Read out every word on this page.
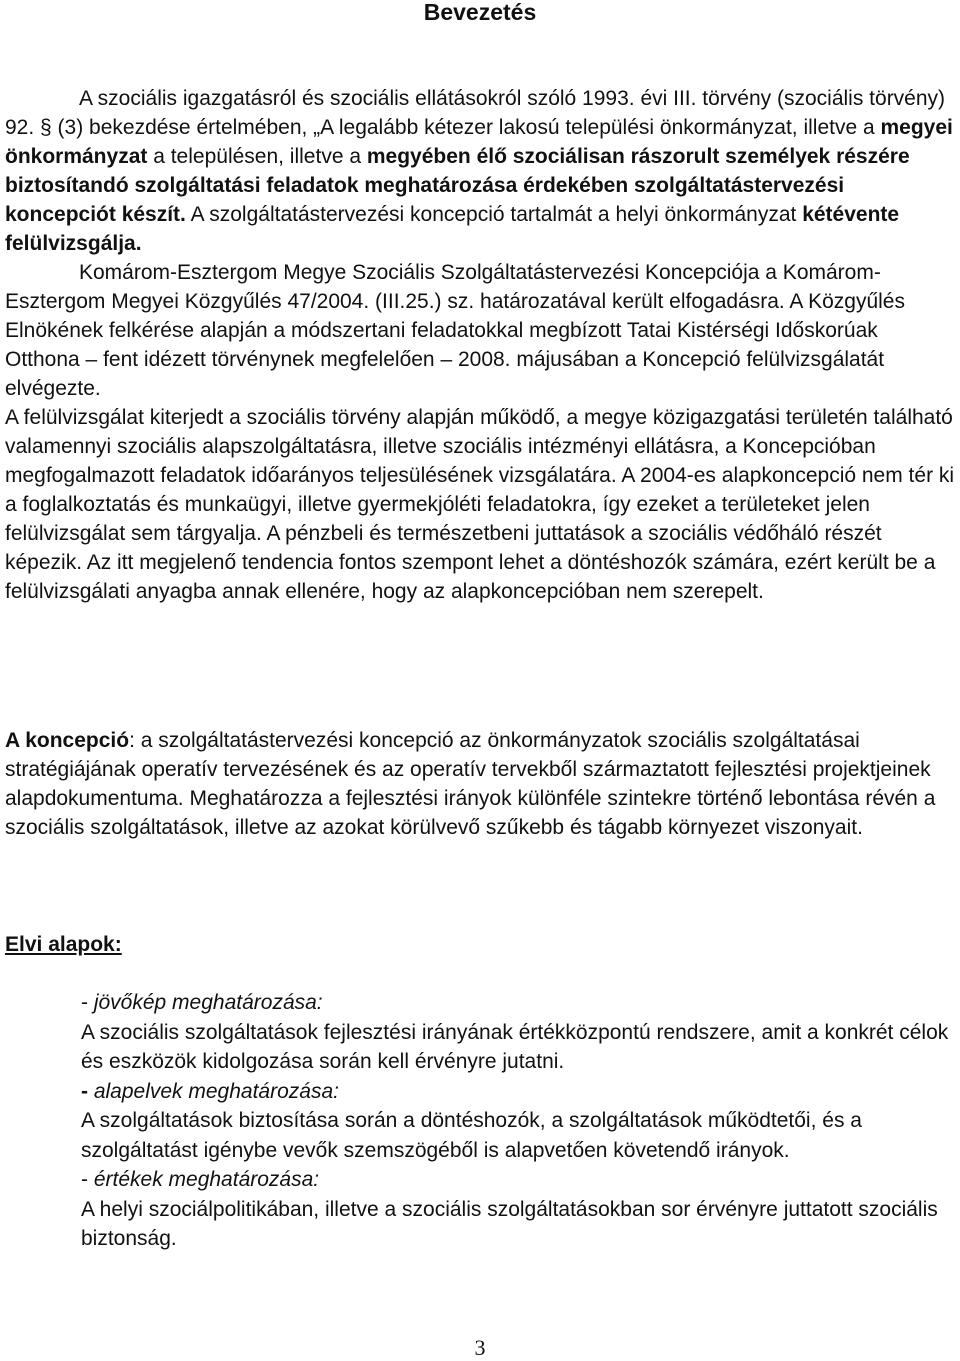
Bevezetés

A szociális igazgatásról és szociális ellátásokról szóló 1993. évi III. törvény (szociális törvény) 92. § (3) bekezdése értelmében, „A legalább kétezer lakosú települési önkormányzat, illetve a megyei önkormányzat a településen, illetve a megyében élő szociálisan rászorult személyek részére biztosítandó szolgáltatási feladatok meghatározása érdekében szolgáltatástervezési koncepciót készít. A szolgáltatástervezési koncepció tartalmát a helyi önkormányzat kétévente felülvizsgálja.

Komárom-Esztergom Megye Szociális Szolgáltatástervezési Koncepciója a Komárom-Esztergom Megyei Közgyűlés 47/2004. (III.25.) sz. határozatával került elfogadásra. A Közgyűlés Elnökének felkérése alapján a módszertani feladatokkal megbízott Tatai Kistérségi Időskorúak Otthona – fent idézett törvénynek megfelelően – 2008. májusában a Koncepció felülvizsgálatát elvégezte.

A felülvizsgálat kiterjedt a szociális törvény alapján működő, a megye közigazgatási területén található valamennyi szociális alapszolgáltatásra, illetve szociális intézményi ellátásra, a Koncepcióban megfogalmazott feladatok időarányos teljesülésének vizsgálatára. A 2004-es alapkoncepció nem tér ki a foglalkoztatás és munkaügyi, illetve gyermekjóléti feladatokra, így ezeket a területeket jelen felülvizsgálat sem tárgyalja. A pénzbeli és természetbeni juttatások a szociális védőháló részét képezik. Az itt megjelenő tendencia fontos szempont lehet a döntéshozók számára, ezért került be a felülvizsgálati anyagba annak ellenére, hogy az alapkoncepcióban nem szerepelt.

A koncepció: a szolgáltatástervezési koncepció az önkormányzatok szociális szolgáltatásai stratégiájának operatív tervezésének és az operatív tervekből származtatott fejlesztési projektjeinek alapdokumentuma. Meghatározza a fejlesztési irányok különféle szintekre történő lebontása révén a szociális szolgáltatások, illetve az azokat körülvevő szűkebb és tágabb környezet viszonyait.

Elvi alapok:

- jövőkép meghatározása:

A szociális szolgáltatások fejlesztési irányának értékközpontú rendszere, amit a konkrét célok és eszközök kidolgozása során kell érvényre jutatni.

- alapelvek meghatározása:

A szolgáltatások biztosítása során a döntéshozók, a szolgáltatások működtetői, és a szolgáltatást igénybe vevők szemszögéből is alapvetően követendő irányok.

- értékek meghatározása:

A helyi szociálpolitikában, illetve a szociális szolgáltatásokban sor érvényre juttatott szociális biztonság.

3
